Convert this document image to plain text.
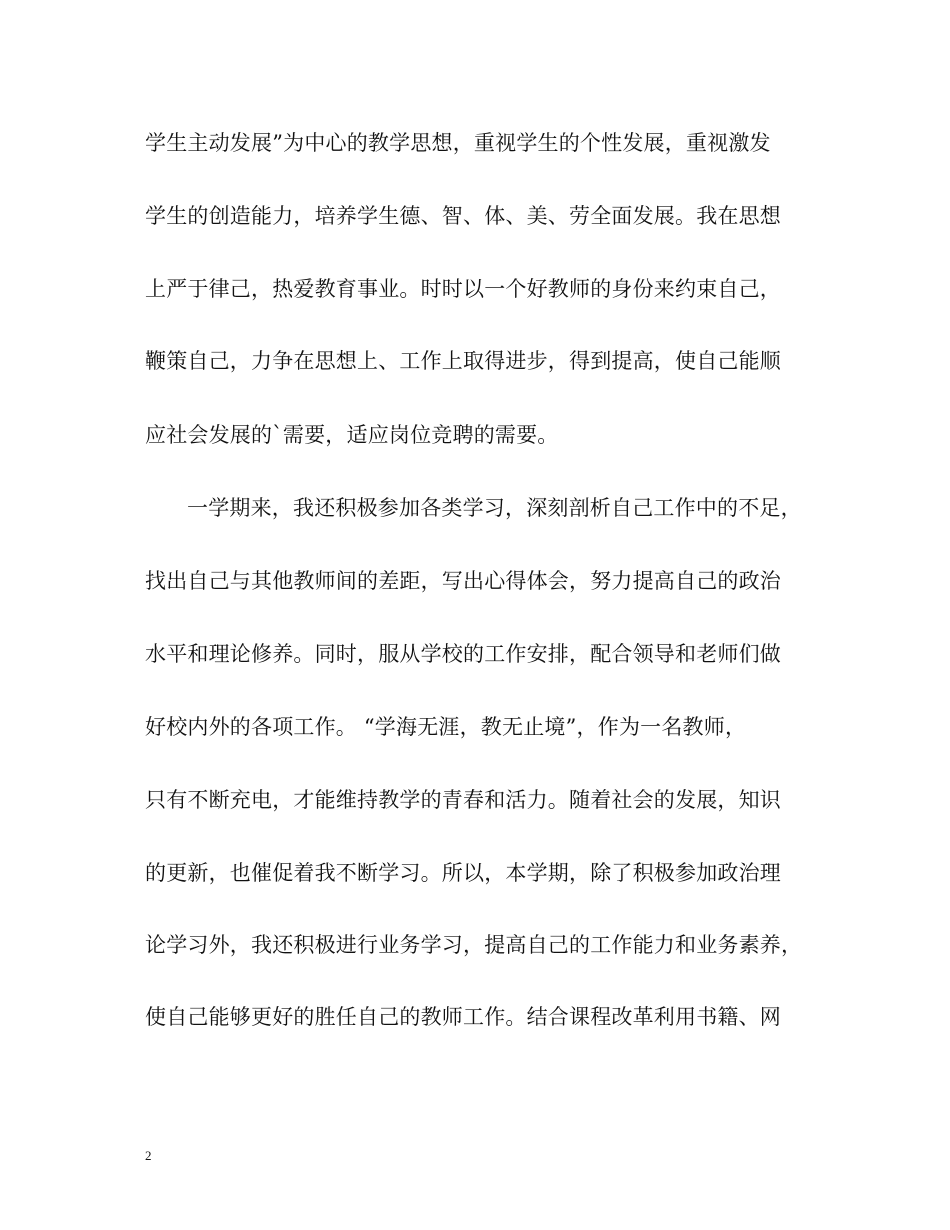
学生主动发展”为中心的教学思想，重视学生的个性发展，重视激发
学生的创造能力，培养学生德、智、体、美、劳全面发展。我在思想
上严于律己，热爱教育事业。时时以一个好教师的身份来约束自己，
鞭策自己，力争在思想上、工作上取得进步，得到提高，使自己能顺
应社会发展的`需要，适应岗位竞聘的需要。
一学期来，我还积极参加各类学习，深刻剖析自己工作中的不足，
找出自己与其他教师间的差距，写出心得体会，努力提高自己的政治
水平和理论修养。同时，服从学校的工作安排，配合领导和老师们做
好校内外的各项工作。 “学海无涯，教无止境”，作为一名教师，
只有不断充电，才能维持教学的青春和活力。随着社会的发展，知识
的更新，也催促着我不断学习。所以，本学期，除了积极参加政治理
论学习外，我还积极进行业务学习，提高自己的工作能力和业务素养，
使自己能够更好的胜任自己的教师工作。结合课程改革利用书籍、网
2
